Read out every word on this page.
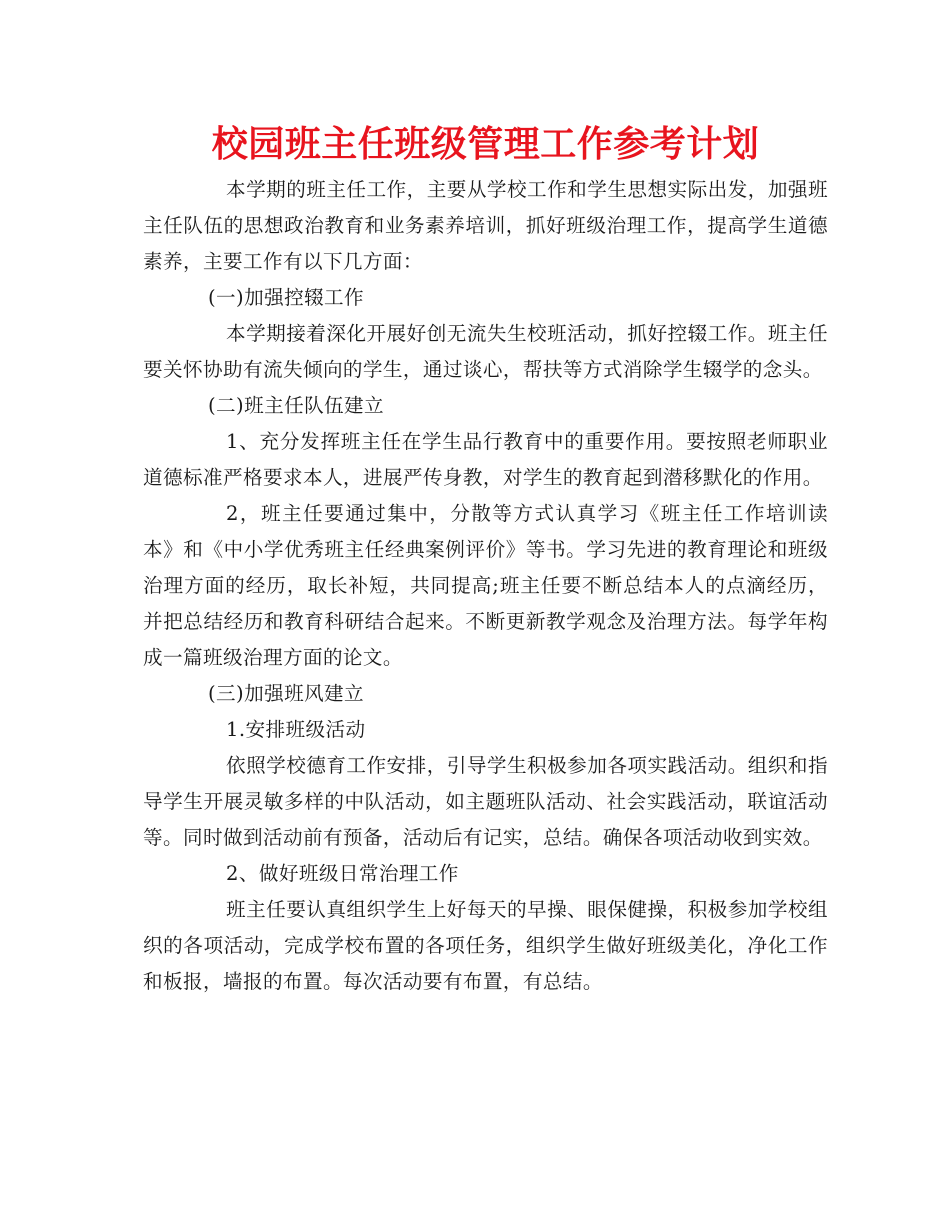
校园班主任班级管理工作参考计划

本学期的班主任工作，主要从学校工作和学生思想实际出发，加强班主任队伍的思想政治教育和业务素养培训，抓好班级治理工作，提高学生道德素养，主要工作有以下几方面：

(一)加强控辍工作

本学期接着深化开展好创无流失生校班活动，抓好控辍工作。班主任要关怀协助有流失倾向的学生，通过谈心，帮扶等方式消除学生辍学的念头。

(二)班主任队伍建立

1、充分发挥班主任在学生品行教育中的重要作用。要按照老师职业道德标准严格要求本人，进展严传身教，对学生的教育起到潜移默化的作用。

2，班主任要通过集中，分散等方式认真学习《班主任工作培训读本》和《中小学优秀班主任经典案例评价》等书。学习先进的教育理论和班级治理方面的经历，取长补短，共同提高;班主任要不断总结本人的点滴经历，并把总结经历和教育科研结合起来。不断更新教学观念及治理方法。每学年构成一篇班级治理方面的论文。

(三)加强班风建立

1.安排班级活动

依照学校德育工作安排，引导学生积极参加各项实践活动。组织和指导学生开展灵敏多样的中队活动，如主题班队活动、社会实践活动，联谊活动等。同时做到活动前有预备，活动后有记实，总结。确保各项活动收到实效。

2、做好班级日常治理工作

班主任要认真组织学生上好每天的早操、眼保健操，积极参加学校组织的各项活动，完成学校布置的各项任务，组织学生做好班级美化，净化工作和板报，墙报的布置。每次活动要有布置，有总结。
